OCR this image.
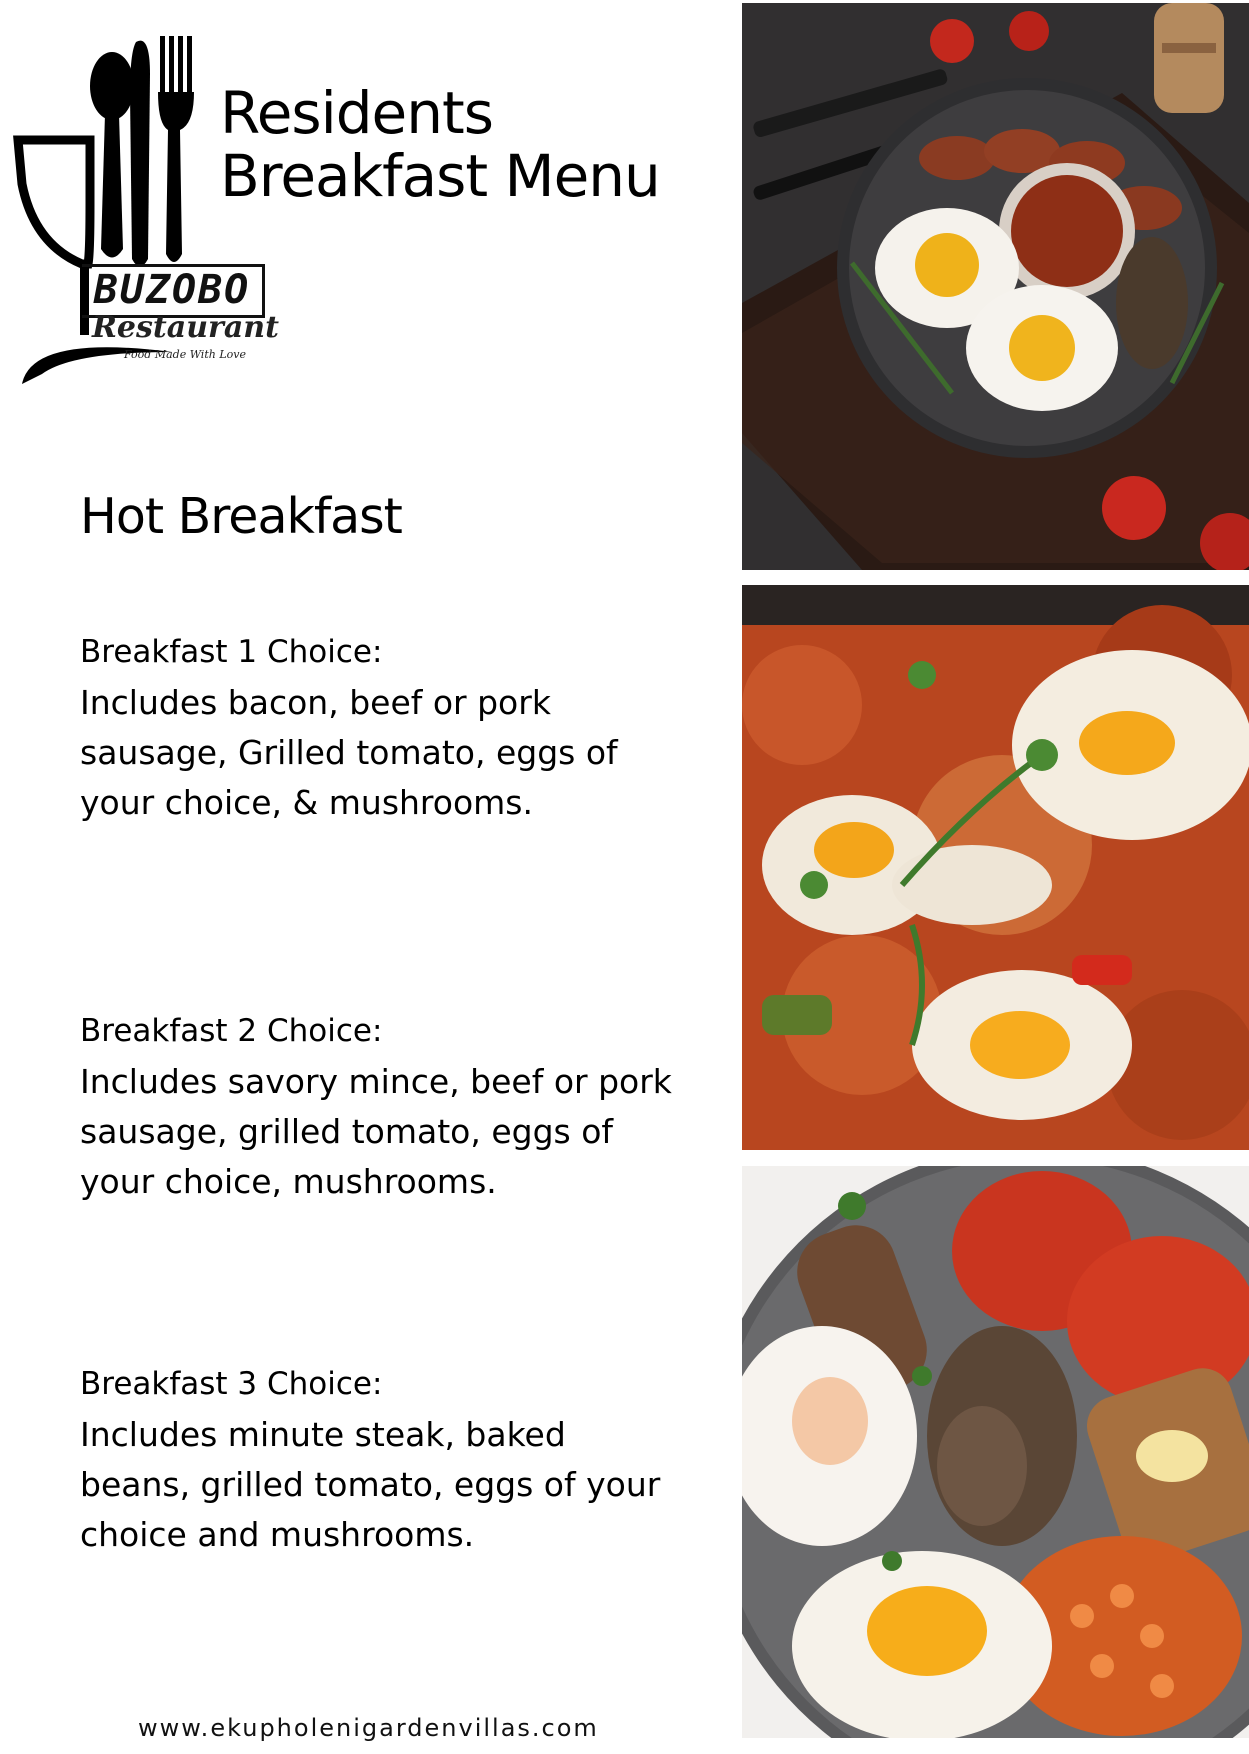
BUZOBO
Restaurant
Food Made With Love
Residents
Breakfast Menu
Hot Breakfast
Breakfast 1 Choice:
Includes bacon, beef or pork
sausage, Grilled tomato, eggs of
your choice, & mushrooms.
Breakfast 2 Choice:
Includes savory mince, beef or pork
sausage, grilled tomato, eggs of
your choice, mushrooms.
Breakfast 3 Choice:
Includes minute steak, baked
beans, grilled tomato, eggs of your
choice and mushrooms.
www.ekupholenigardenvillas.com
